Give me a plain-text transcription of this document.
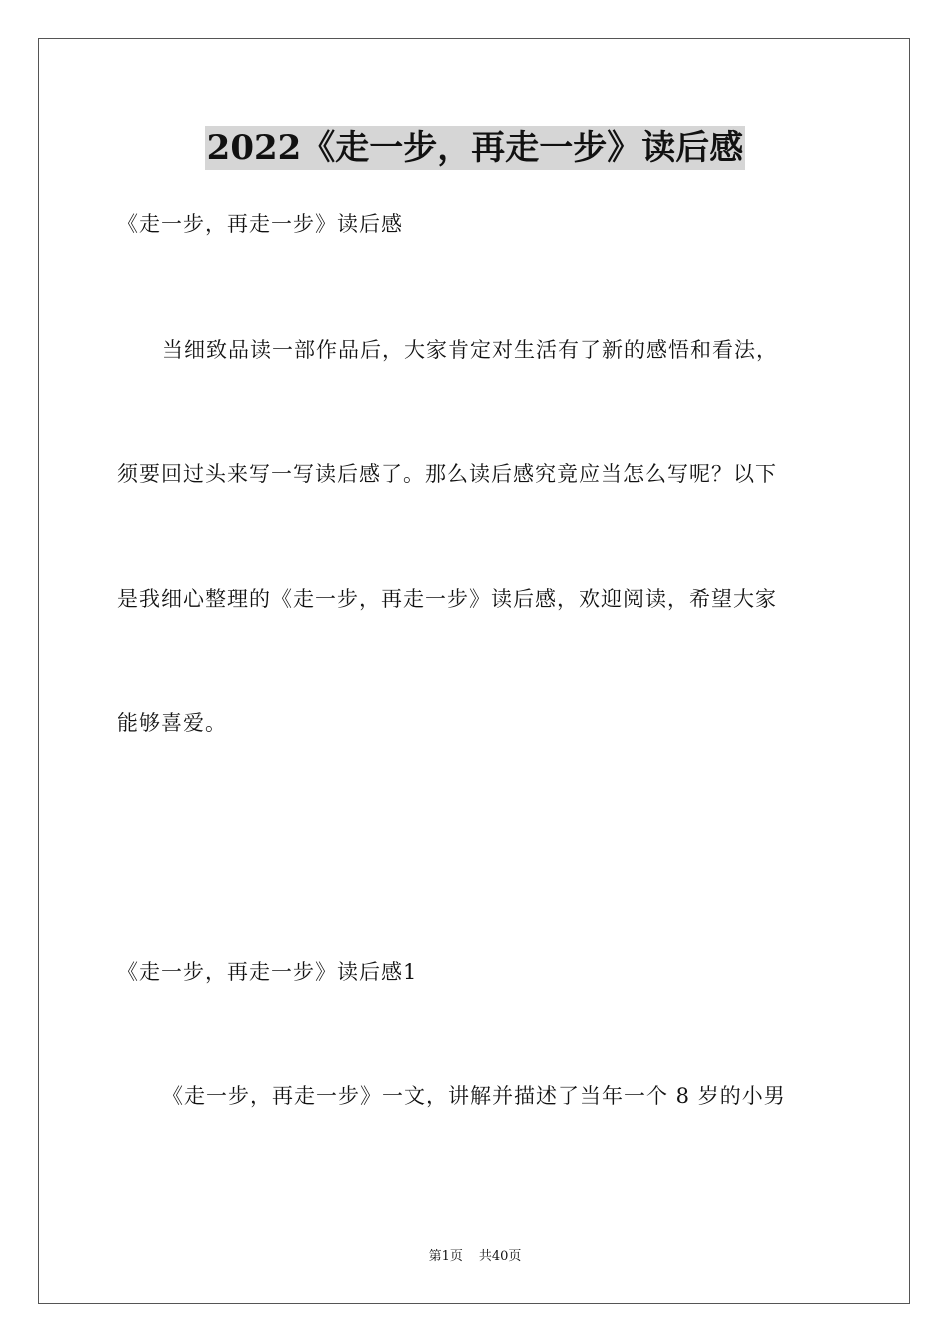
2022《走一步，再走一步》读后感
《走一步，再走一步》读后感
当细致品读一部作品后，大家肯定对生活有了新的感悟和看法，
须要回过头来写一写读后感了。那么读后感究竟应当怎么写呢？以下
是我细心整理的《走一步，再走一步》读后感，欢迎阅读，希望大家
能够喜爱。
《走一步，再走一步》读后感1
《走一步，再走一步》一文，讲解并描述了当年一个 8 岁的小男
第1页 共40页
